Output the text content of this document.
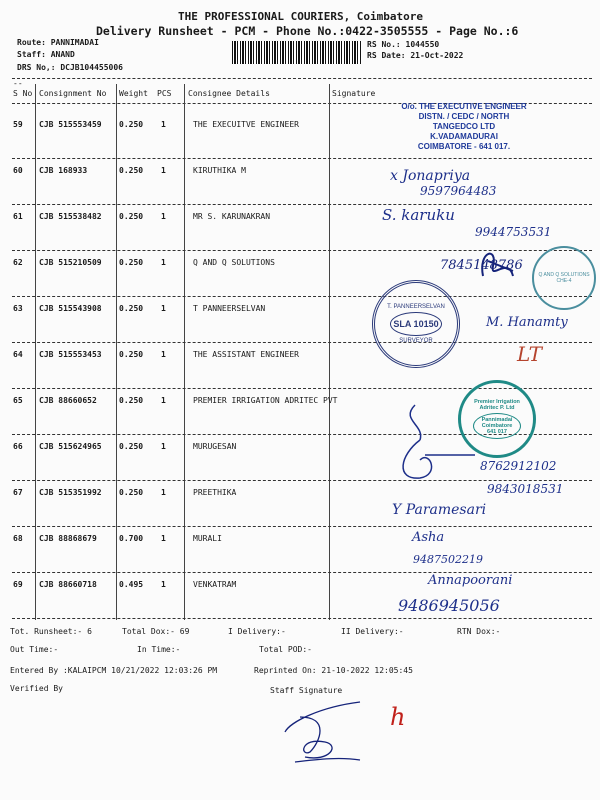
THE PROFESSIONAL COURIERS, Coimbatore
Delivery Runsheet - PCM - Phone No.:0422-3505555 - Page No.:6
Route: PANNIMADAI
Staff: ANAND
DRS No,: DCJB104455006
RS No.: 1044550
RS Date: 21-Oct-2022
--
S No Consignment No Weight PCS Consignee Details	Signature
59 CJB 515553459 0.250 1	THE EXECUITVE ENGINEER
60 CJB 168933	0.250 1	KIRUTHIKA M
61 CJB 515538482 0.250 1	MR S. KARUNAKRAN
62 CJB 515210509 0.250 1	Q AND Q SOLUTIONS
63 CJB 515543908 0.250 1	T PANNEERSELVAN
64 CJB 515553453 0.250 1	THE ASSISTANT ENGINEER
65 CJB 88660652	0.250 1	PREMIER IRRIGATION ADRITEC PVT
66 CJB 515624965 0.250 1	MURUGESAN
67 CJB 515351992 0.250 1	PREETHIKA
68 CJB 88868679	0.700 1	MURALI
69 CJB 88660718	0.495 1	VENKATRAM
O/o. THE EXECUTIVE ENGINEER
DISTN. / CEDC / NORTH
TANGEDCO LTD
K.VADAMADURAI
COIMBATORE - 641 017.
T. PANNEERSELVAN
SLA 10150
SURVEYOR
Q AND Q SOLUTIONS
CHE-4
Premier Irrigation Adritec P. Ltd
Pannimadai Coimbatore 641 017
x Jonapriya
9597964483
S. karuku
9944753531
7845148786
M. Hanamty
LT
8762912102
9843018531
Y Paramesari
Asha
9487502219
Annapoorani
9486945056
Tot. Runsheet:- 6	Total Dox:- 69	I Delivery:-	II Delivery:-	RTN Dox:-
Out Time:-	In Time:-	Total POD:-
Entered By :KALAIPCM 10/21/2022 12:03:26 PM	Reprinted On: 21-10-2022 12:05:45
Verified By	Staff Signature
h
